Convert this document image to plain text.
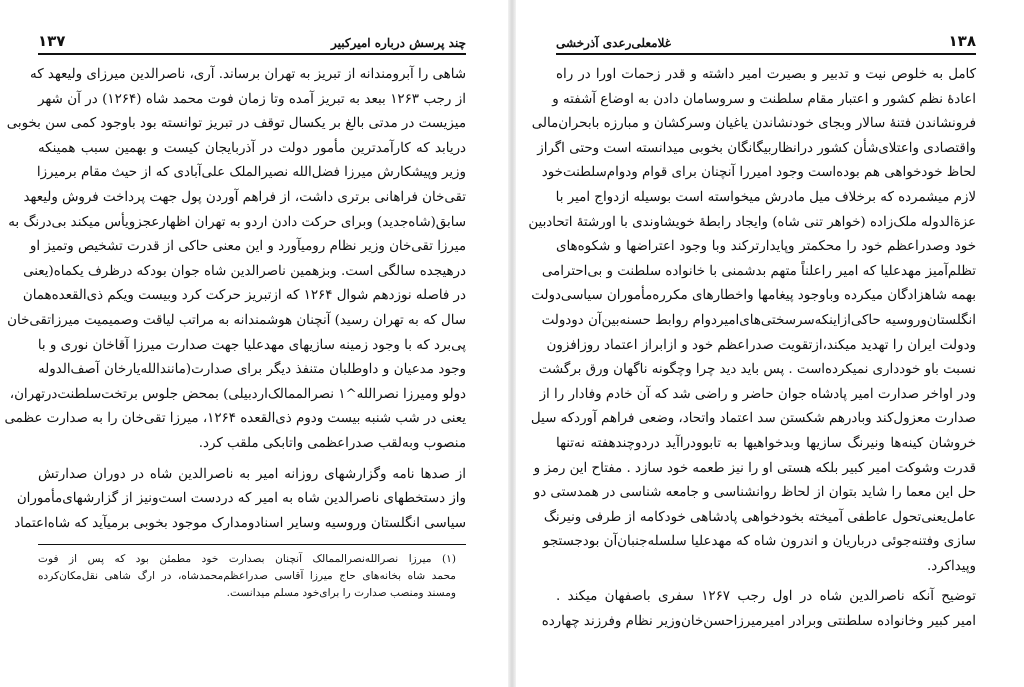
۱۳۷	چند پرسش درباره امیرکبیر
شاهی را آبرومندانه از تبریز به تهران برساند. آری، ناصرالدین میرزای ولیعهد که
از رجب ۱۲۶۳ ببعد به تبریز آمده وتا زمان فوت محمد شاه (۱۲۶۴) در آن شهر
میزیست در مدتی بالغ بر یکسال توقف در تبریز توانسته بود باوجود کمی سن بخوبی
دریابد که کارآمدترین مأمور دولت در آذربایجان کیست و بهمین سبب همینکه
وزیر وپیشکارش میرزا فضل‌الله نصیرالملک علی‌آبادی که از حیث مقام برمیرزا
تقی‌خان فراهانی برتری داشت، از فراهم آوردن پول جهت پرداخت فروش ولیعهد
سابق(شاه‌جدید) وبرای حرکت دادن اردو به تهران اظهارعجزویأس میکند بی‌درنگ به
میرزا تقی‌خان وزیر نظام رومیآورد و این معنی حاکی از قدرت تشخیص وتمیز او
درهیجده سالگی است. وبزهمین ناصرالدین شاه جوان بودکه درظرف یکماه(یعنی
در فاصله نوزدهم شوال ۱۲۶۴ که ازتبریز حرکت کرد وبیست ویکم ذی‌القعده‌همان
سال که به تهران رسید) آنچنان هوشمندانه به مراتب لیاقت وصمیمیت میرزاتقی‌خان
پی‌برد که با وجود زمینه سازیهای مهدعلیا جهت صدارت میرزا آقاخان نوری و با
وجود مدعیان و داوطلبان متنفذ دیگر برای صدارت(مانندالله‌یارخان آصف‌الدوله
دولو ومیرزا نصرالله^۱ نصرالممالک‌اردبیلی) بمحض جلوس برتخت‌سلطنت‌در‌تهران،
یعنی در شب شنبه بیست ودوم ذی‌القعده ۱۲۶۴، میرزا تقی‌خان را به صدارت عظمی
منصوب وبه‌لقب صدراعظمی واتابکی ملقب کرد.
از صدها نامه وگزارشهای روزانه امیر به ناصرالدین شاه در دوران صدارتش
واز دستخطهای ناصرالدین شاه به امیر که دردست است‌ونیز از گزارشهای‌مأموران
سیاسی انگلستان وروسیه وسایر اسنادومدارک موجود بخوبی برمیآید که شاه‌اعتماد
(۱) میرزا نصرالله‌نصرالممالک آنچنان بصدارت خود مطمئن بود که پس از فوت
محمد شاه بخانه‌های حاج میرزا آقاسی صدراعظم‌محمدشاه، در ارگ شاهی نقل‌مکان‌کرده
ومسند ومنصب صدارت را برای‌خود مسلم میدانست.
غلامعلی‌رعدی آذرخشی	۱۳۸
کامل به خلوص نیت و تدبیر و بصیرت امیر داشته و قدر زحمات اورا در راه
اعاده‌ٔ نظم کشور و اعتبار مقام سلطنت و سروسامان دادن به اوضاع آشفته و
فرونشاندن فتنهٔ سالار وبجای خودنشاندن یاغیان وسرکشان و مبارزه بابحران‌مالی
واقتصادی واعتلای‌شأن کشور درانظاربیگانگان بخوبی میدانسته است وحتی اگراز
لحاظ خودخواهی هم بوده‌است وجود امیررا آنچنان برای قوام ودوام‌سلطنت‌خود
لازم میشمرده که برخلاف میل مادرش میخواسته است بوسیله ازدواج امیر با
عزةالدوله ملک‌زاده (خواهر تنی شاه) وایجاد رابطهٔ خویشاوندی با اورشتهٔ اتحادبین
خود وصدراعظم خود را محکمتر وپایدارترکند وبا وجود اعتراضها و شکوه‌های
تظلم‌آمیز مهدعلیا که امیر راعلناً متهم بدشمنی با خانواده سلطنت و بی‌احترامی
بهمه شاهزادگان میکرده وباوجود پیغامها واخطارهای مکرره‌مأموران سیاسی‌دولت
انگلستان‌وروسیه حاکی‌ازاینکه‌سرسختی‌های‌امیر‌دوام روابط حسنه‌بین‌آن دودولت
ودولت ایران را تهدید میکند،ازتقویت صدراعظم خود و ازابراز اعتماد روزافزون
نسبت باو خودداری نمیکرده‌است . پس باید دید چرا وچگونه ناگهان ورق برگشت
ودر اواخر صدارت امیر پادشاه جوان حاضر و راضی شد که آن خادم وفادار را از
صدارت معزول‌کند وبادرهم شکستن سد اعتماد واتحاد، وضعی فراهم آوردکه سیل
خروشان کینه‌ها ونیرنگ سازیها وبدخواهیها به تابوودراآید دردوچندهفته نه‌تنها
قدرت وشوکت امیر کبیر بلکه هستی او را نیز طعمه خود سازد . مفتاح این رمز و
حل این معما را شاید بتوان از لحاظ روانشناسی و جامعه شناسی در همدستی دو
عامل‌یعنی‌تحول عاطفی آمیخته بخودخواهی پادشاهی خودکامه از طرفی ونیرنگ
سازی وفتنه‌جوئی درباریان و اندرون شاه که مهدعلیا سلسله‌جنبان‌آن بودجستجو
وپیداکرد.
توضیح آنکه ناصرالدین شاه در اول رجب ۱۲۶۷ سفری باصفهان میکند .
امیر کبیر وخانواده سلطنتی وبرادر امیرمیرزاحسن‌خان‌وزیر نظام وفرزند چهارده
